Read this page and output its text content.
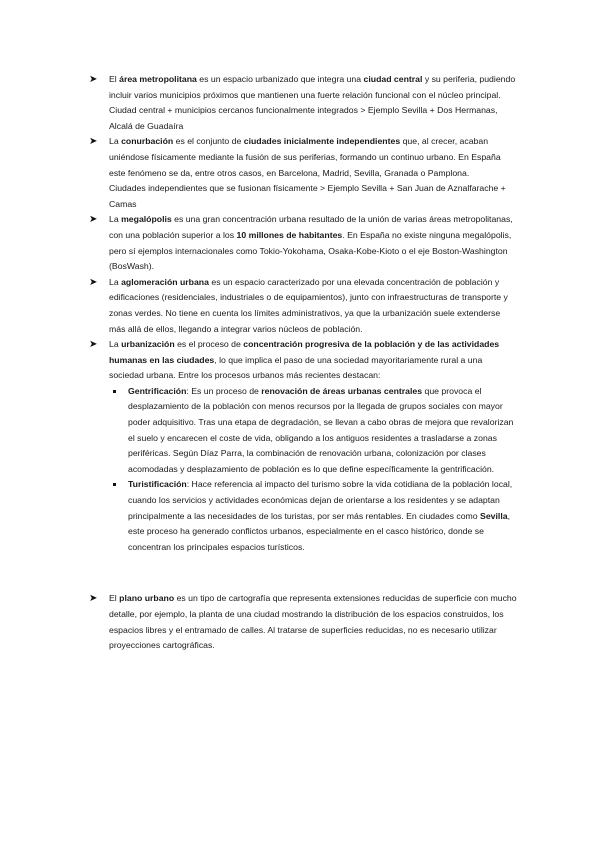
➤ El área metropolitana es un espacio urbanizado que integra una ciudad central y su periferia, pudiendo incluir varios municipios próximos que mantienen una fuerte relación funcional con el núcleo principal.
Ciudad central + municipios cercanos funcionalmente integrados > Ejemplo Sevilla + Dos Hermanas, Alcalá de Guadaíra
➤ La conurbación es el conjunto de ciudades inicialmente independientes que, al crecer, acaban uniéndose físicamente mediante la fusión de sus periferias, formando un continuo urbano. En España este fenómeno se da, entre otros casos, en Barcelona, Madrid, Sevilla, Granada o Pamplona.
Ciudades independientes que se fusionan físicamente > Ejemplo Sevilla + San Juan de Aznalfarache + Camas
➤ La megalópolis es una gran concentración urbana resultado de la unión de varias áreas metropolitanas, con una población superior a los 10 millones de habitantes. En España no existe ninguna megalópolis, pero sí ejemplos internacionales como Tokio-Yokohama, Osaka-Kobe-Kioto o el eje Boston-Washington (BosWash).
➤ La aglomeración urbana es un espacio caracterizado por una elevada concentración de población y edificaciones (residenciales, industriales o de equipamientos), junto con infraestructuras de transporte y zonas verdes. No tiene en cuenta los límites administrativos, ya que la urbanización suele extenderse más allá de ellos, llegando a integrar varios núcleos de población.
➤ La urbanización es el proceso de concentración progresiva de la población y de las actividades humanas en las ciudades, lo que implica el paso de una sociedad mayoritariamente rural a una sociedad urbana. Entre los procesos urbanos más recientes destacan:
Gentrificación: Es un proceso de renovación de áreas urbanas centrales que provoca el desplazamiento de la población con menos recursos por la llegada de grupos sociales con mayor poder adquisitivo. Tras una etapa de degradación, se llevan a cabo obras de mejora que revalorizan el suelo y encarecen el coste de vida, obligando a los antiguos residentes a trasladarse a zonas periféricas. Según Díaz Parra, la combinación de renovación urbana, colonización por clases acomodadas y desplazamiento de población es lo que define específicamente la gentrificación.
Turistificación: Hace referencia al impacto del turismo sobre la vida cotidiana de la población local, cuando los servicios y actividades económicas dejan de orientarse a los residentes y se adaptan principalmente a las necesidades de los turistas, por ser más rentables. En ciudades como Sevilla, este proceso ha generado conflictos urbanos, especialmente en el casco histórico, donde se concentran los principales espacios turísticos.
➤ El plano urbano es un tipo de cartografía que representa extensiones reducidas de superficie con mucho detalle, por ejemplo, la planta de una ciudad mostrando la distribución de los espacios construidos, los espacios libres y el entramado de calles. Al tratarse de superficies reducidas, no es necesario utilizar proyecciones cartográficas.
